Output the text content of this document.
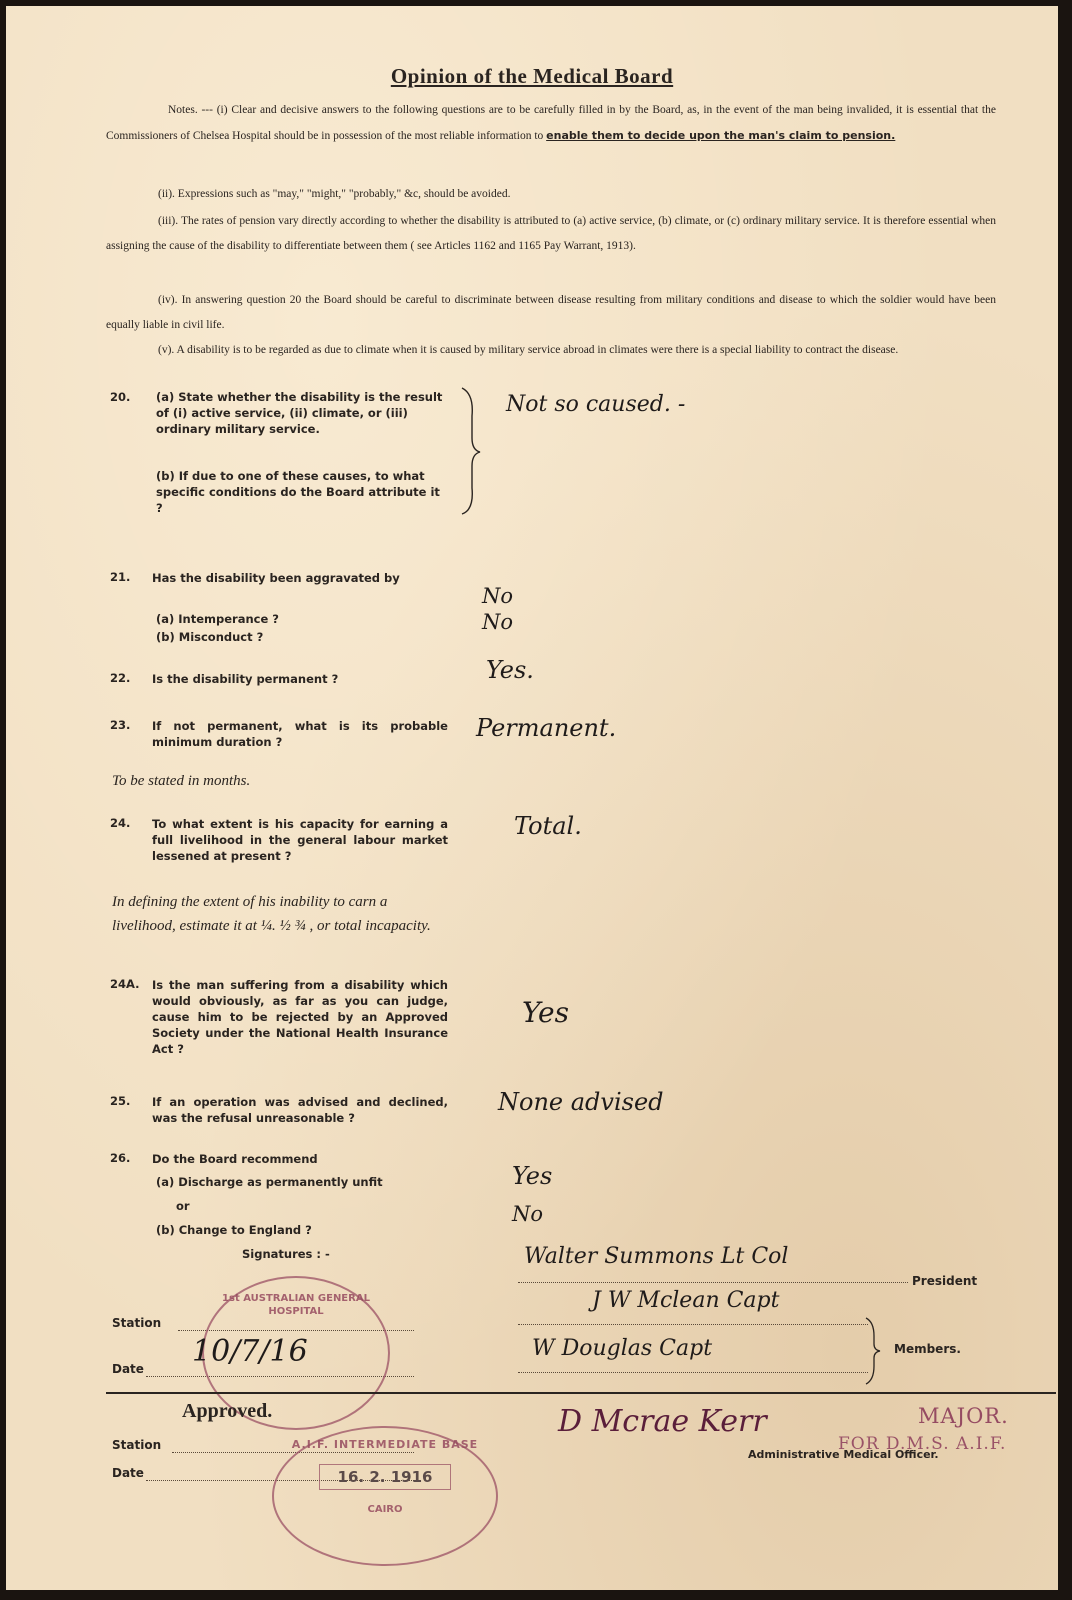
Opinion of the Medical Board
Notes. --- (i) Clear and decisive answers to the following questions are to be carefully filled in by the Board, as, in the event of the man being invalided, it is essential that the Commissioners of Chelsea Hospital should be in possession of the most reliable information to enable them to decide upon the man's claim to pension.
(ii). Expressions such as "may," "might," "probably," &c, should be avoided.
(iii). The rates of pension vary directly according to whether the disability is attributed to (a) active service, (b) climate, or (c) ordinary military service. It is therefore essential when assigning the cause of the disability to differentiate between them ( see Articles 1162 and 1165 Pay Warrant, 1913).
(iv). In answering question 20 the Board should be careful to discriminate between disease resulting from military conditions and disease to which the soldier would have been equally liable in civil life.
(v). A disability is to be regarded as due to climate when it is caused by military service abroad in climates were there is a special liability to contract the disease.
20. (a) State whether the disability is the result of (i) active service, (ii) climate, or (iii) ordinary military service.
(b) If due to one of these causes, to what specific conditions do the Board attribute it ?
Not so caused. -
21. Has the disability been aggravated by
(a) Intemperance ?
(b) Misconduct ?
No
No
22. Is the disability permanent ?	Yes.
23. If not permanent, what is its probable minimum duration ?	Permanent.
To be stated in months.
24. To what extent is his capacity for earning a full livelihood in the general labour market lessened at present ?
Total.
In defining the extent of his inability to carn a livelihood, estimate it at ¼. ½ ¾ , or total incapacity.
24A. Is the man suffering from a disability which would obviously, as far as you can judge, cause him to be rejected by an Approved Society under the National Health Insurance Act ?
Yes
25. If an operation was advised and declined, was the refusal unreasonable ?
None advised
26. Do the Board recommend
(a) Discharge as permanently unfit
or
(b) Change to England ?
Yes
No
Signatures : -	Walter Summons Lt Col
President
J W Mclean Capt
W Douglas Capt	Members.
Station
Date
1st AUSTRALIAN GENERAL HOSPITAL
10/7/16
Approved.
Station
Date
A.I.F. INTERMEDIATE BASE
16. 2. 1916
CAIRO
D Mcrae Kerr	MAJOR.
FOR D.M.S. A.I.F.
Administrative Medical Officer.
